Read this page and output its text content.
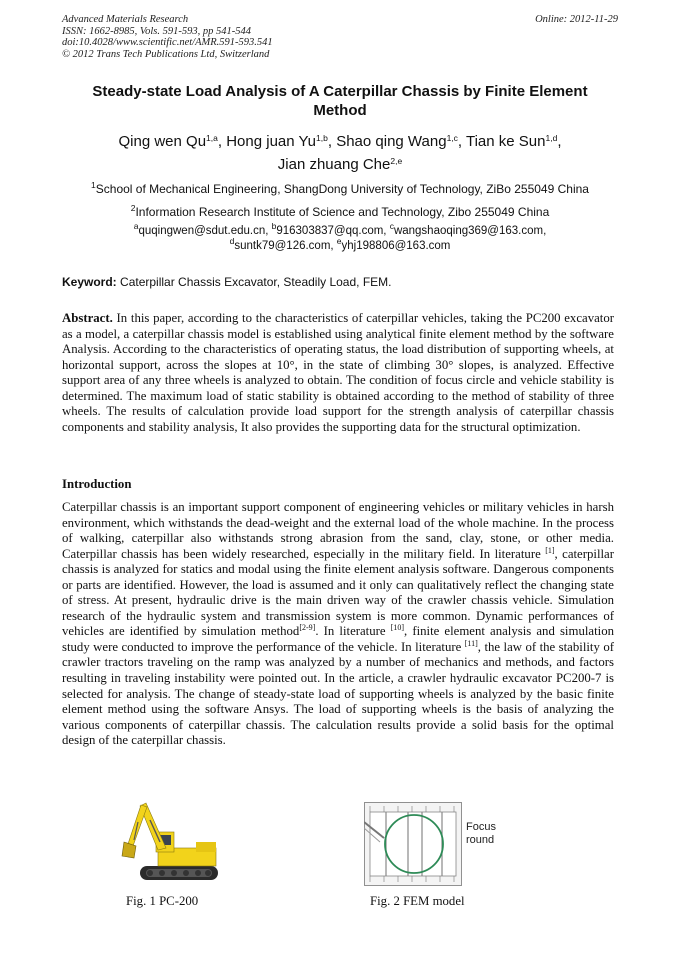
Advanced Materials Research
ISSN: 1662-8985, Vols. 591-593, pp 541-544
doi:10.4028/www.scientific.net/AMR.591-593.541
© 2012 Trans Tech Publications Ltd, Switzerland
Online: 2012-11-29
Steady-state Load Analysis of A Caterpillar Chassis by Finite Element
Method
Qing wen Qu$^{1,a}$, Hong juan Yu$^{1,b}$, Shao qing Wang$^{1,c}$, Tian ke Sun$^{1,d}$,
Jian zhuang Che$^{2,e}$
$^1$School of Mechanical Engineering, ShangDong University of Technology, ZiBo 255049 China
$^2$Information Research Institute of Science and Technology, Zibo 255049 China
$^a$quqingwen@sdut.edu.cn, $^b$916303837@qq.com, $^c$wangshaoqing369@163.com,
$^d$suntk79@126.com, $^e$yhj198806@163.com
Keyword: Caterpillar Chassis Excavator, Steadily Load, FEM.
Abstract. In this paper, according to the characteristics of caterpillar vehicles, taking the PC200 excavator as a model, a caterpillar chassis model is established using analytical finite element method by the software Analysis. According to the characteristics of operating status, the load distribution of supporting wheels, at horizontal support, across the slopes at 10°, in the state of climbing 30° slopes, is analyzed. Effective support area of any three wheels is analyzed to obtain. The condition of focus circle and vehicle stability is determined. The maximum load of static stability is obtained according to the method of stability of three wheels. The results of calculation provide load support for the strength analysis of caterpillar chassis components and stability analysis, It also provides the supporting data for the structural optimization.
Introduction
Caterpillar chassis is an important support component of engineering vehicles or military vehicles in harsh environment, which withstands the dead-weight and the external load of the whole machine. In the process of walking, caterpillar also withstands strong abrasion from the sand, clay, stone, or other media. Caterpillar chassis has been widely researched, especially in the military field. In literature [1], caterpillar chassis is analyzed for statics and modal using the finite element analysis software. Dangerous components or parts are identified. However, the load is assumed and it only can qualitatively reflect the changing state of stress. At present, hydraulic drive is the main driven way of the crawler chassis vehicle. Simulation research of the hydraulic system and transmission system is more common. Dynamic performances of vehicles are identified by simulation method[2-9]. In literature [10], finite element analysis and simulation study were conducted to improve the performance of the vehicle. In literature [11], the law of the stability of crawler tractors traveling on the ramp was analyzed by a number of mechanics and methods, and factors resulting in traveling instability were pointed out. In the article, a crawler hydraulic excavator PC200-7 is selected for analysis. The change of steady-state load of supporting wheels is analyzed by the basic finite element method using the software Ansys. The load of supporting wheels is the basis of analyzing the various components of caterpillar chassis. The calculation results provide a solid basis for the optimal design of the caterpillar chassis.
Focus
round
Fig. 1 PC-200	Fig. 2 FEM model
